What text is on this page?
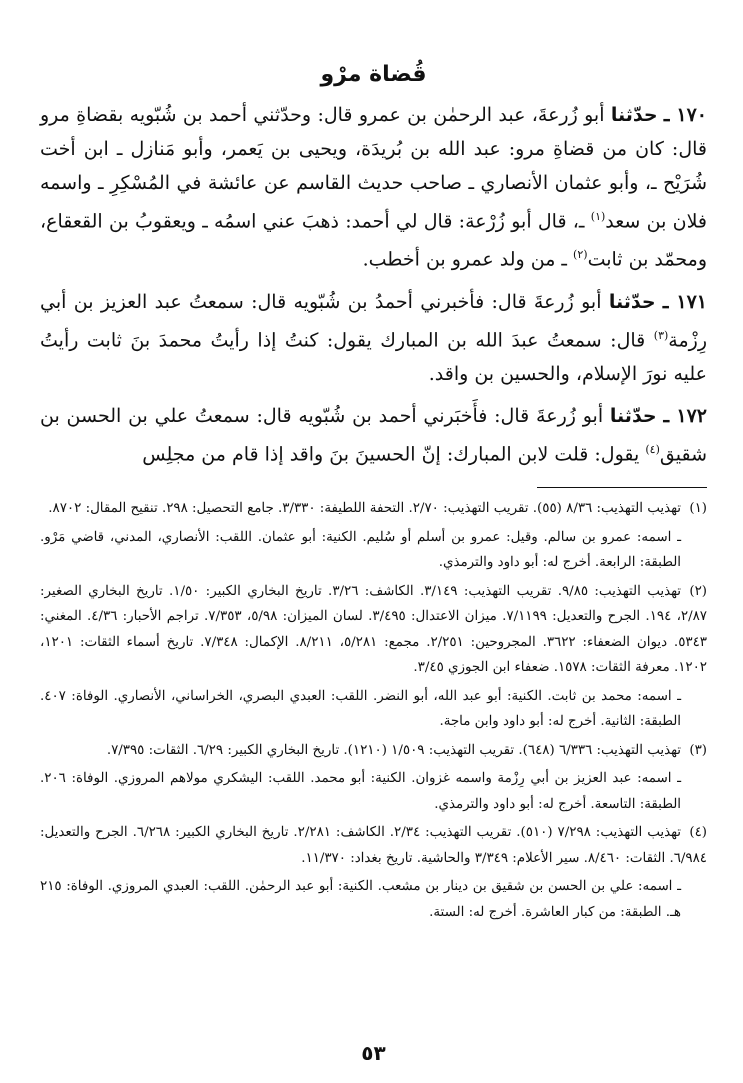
قُضاة مرْو

١٧٠ ـ حدّثنا أبو زُرعةَ، عبد الرحمٰن بن عمرو قال: وحدّثني أحمد بن شُبّويه بقضاةِ مرو قال: كان من قضاةِ مرو: عبد الله بن بُريدَة، ويحيى بن يَعمر، وأبو مَنازل ـ ابن أخت شُرَيْح ـ، وأبو عثمان الأنصاري ـ صاحب حديث القاسم عن عائشة في المُسْكِرِ ـ واسمه فلان بن سعد$^{(١)}$ ـ، قال أبو زُرْعة: قال لي أحمد: ذهبَ عني اسمُه ـ ويعقوبُ بن القعقاع، ومحمّد بن ثابت$^{(٢)}$ ـ من ولد عمرو بن أخطب.

١٧١ ـ حدّثنا أبو زُرعةَ قال: فأخبرني أحمدُ بن شُبّويه قال: سمعتُ عبد العزيز بن أبي رِزْمة$^{(٣)}$ قال: سمعتُ عبدَ الله بن المبارك يقول: كنتُ إذا رأيتُ محمدَ بنَ ثابت رأيتُ عليه نورَ الإسلام، والحسين بن واقد.

١٧٢ ـ حدّثنا أبو زُرعةَ قال: فأَخبَرني أحمد بن شُبّويه قال: سمعتُ علي بن الحسن بن شقيق$^{(٤)}$ يقول: قلت لابن المبارك: إنّ الحسينَ بنَ واقد إذا قام من مجلِس

(١)تهذيب التهذيب: ٨/٣٦ (٥٥). تقريب التهذيب: ٢/٧٠. التحفة اللطيفة: ٣/٣٣٠. جامع التحصيل: ٢٩٨. تنقيح المقال: ٨٧٠٢.

ـ اسمه: عمرو بن سالم. وقيل: عمرو بن أسلم أو سُليم. الكنية: أبو عثمان. اللقب: الأنصاري، المدني، قاضي مَرْو. الطبقة: الرابعة. أخرج له: أبو داود والترمذي.

(٢)تهذيب التهذيب: ٩/٨٥. تقريب التهذيب: ٣/١٤٩. الكاشف: ٣/٢٦. تاريخ البخاري الكبير: ١/٥٠. تاريخ البخاري الصغير: ٢/٨٧، ١٩٤. الجرح والتعديل: ٧/١١٩٩. ميزان الاعتدال: ٣/٤٩٥. لسان الميزان: ٥/٩٨، ٧/٣٥٣. تراجم الأحبار: ٤/٣٦. المغني: ٥٣٤٣. ديوان الضعفاء: ٣٦٢٢. المجروحين: ٢/٢٥١. مجمع: ٥/٢٨١، ٨/٢١١. الإكمال: ٧/٣٤٨. تاريخ أسماء الثقات: ١٢٠١، ١٢٠٢. معرفة الثقات: ١٥٧٨. ضعفاء ابن الجوزي ٣/٤٥.

ـ اسمه: محمد بن ثابت. الكنية: أبو عبد الله، أبو النضر. اللقب: العبدي البصري، الخراساني، الأنصاري. الوفاة: ٤٠٧. الطبقة: الثانية. أخرج له: أبو داود وابن ماجة.

(٣)تهذيب التهذيب: ٦/٣٣٦ (٦٤٨). تقريب التهذيب: ١/٥٠٩ (١٢١٠). تاريخ البخاري الكبير: ٦/٢٩. الثقات: ٧/٣٩٥.

ـ اسمه: عبد العزيز بن أبي رِزْمة واسمه غزوان. الكنية: أبو محمد. اللقب: اليشكري مولاهم المروزي. الوفاة: ٢٠٦. الطبقة: التاسعة. أخرج له: أبو داود والترمذي.

(٤)تهذيب التهذيب: ٧/٢٩٨ (٥١٠). تقريب التهذيب: ٢/٣٤. الكاشف: ٢/٢٨١. تاريخ البخاري الكبير: ٦/٢٦٨. الجرح والتعديل: ٦/٩٨٤. الثقات: ٨/٤٦٠. سير الأعلام: ٣/٣٤٩ والحاشية. تاريخ بغداد: ١١/٣٧٠.

ـ اسمه: علي بن الحسن بن شقيق بن دينار بن مشعب. الكنية: أبو عبد الرحمٰن. اللقب: العبدي المروزي. الوفاة: ٢١٥ هـ. الطبقة: من كبار العاشرة. أخرج له: الستة.

٥٣
